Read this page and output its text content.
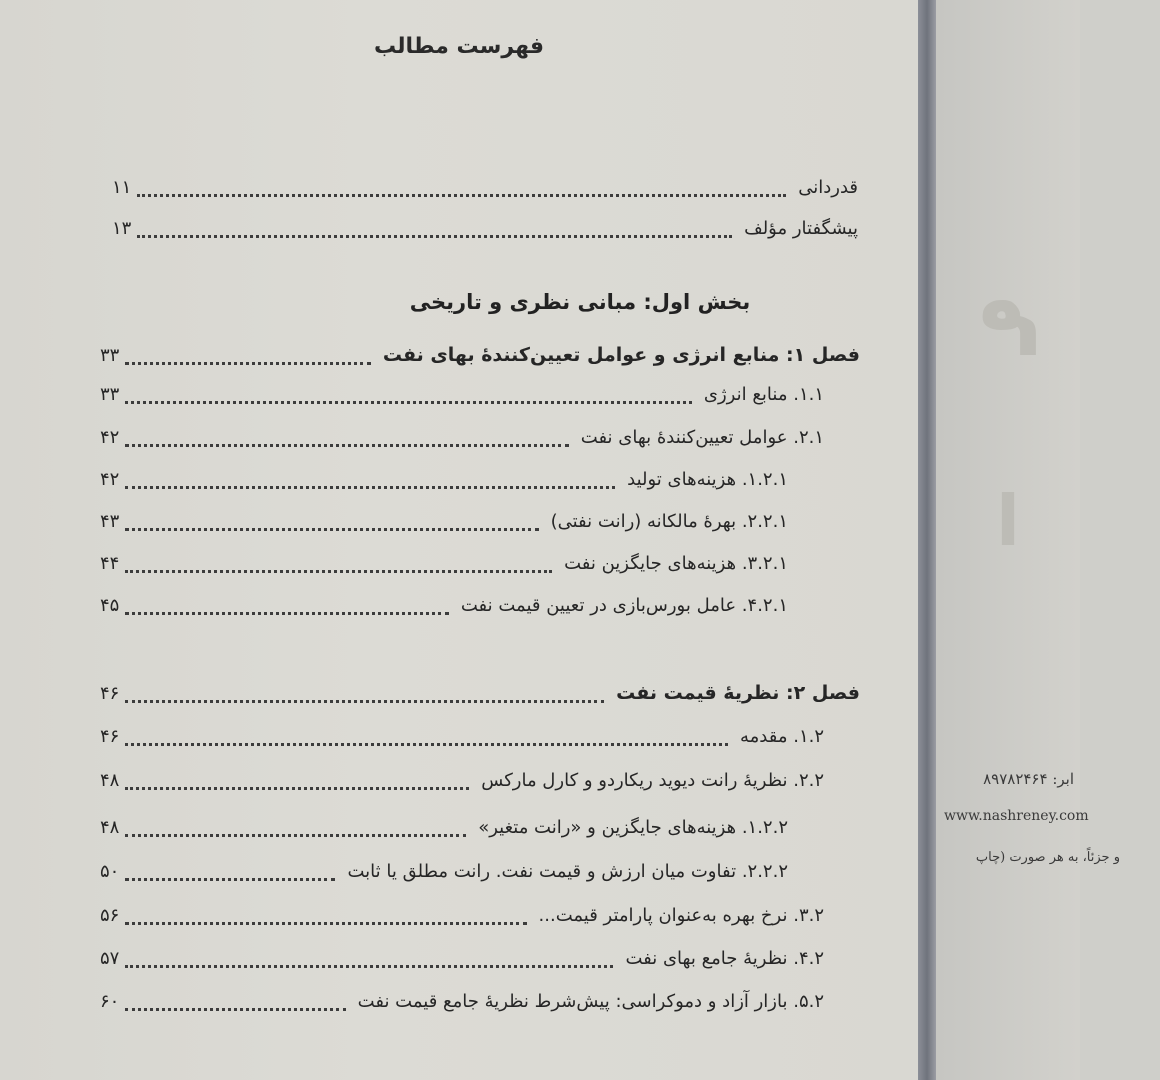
فهرست مطالب
قدردانی
۱۱
پیشگفتار مؤلف
۱۳
بخش اول: مبانی نظری و تاریخی
فصل ۱: منابع انرژی و عوامل تعیین‌کنندهٔ بهای نفت
۳۳
۱.۱. منابع انرژی
۳۳
۲.۱. عوامل تعیین‌کنندهٔ بهای نفت
۴۲
۱.۲.۱. هزینه‌های تولید
۴۲
۲.۲.۱. بهرهٔ مالکانه (رانت نفتی)
۴۳
۳.۲.۱. هزینه‌های جایگزین نفت
۴۴
۴.۲.۱. عامل بورس‌بازی در تعیین قیمت نفت
۴۵
فصل ۲: نظریهٔ قیمت نفت
۴۶
۱.۲. مقدمه
۴۶
۲.۲. نظریهٔ رانت دیوید ریکاردو و کارل مارکس
۴۸
۱.۲.۲. هزینه‌های جایگزین و «رانت متغیر»
۴۸
۲.۲.۲. تفاوت میان ارزش و قیمت نفت. رانت مطلق یا ثابت
۵۰
۳.۲. نرخ بهره به‌عنوان پارامتر قیمت...
۵۶
۴.۲. نظریهٔ جامع بهای نفت
۵۷
۵.۲. بازار آزاد و دموکراسی: پیش‌شرط نظریهٔ جامع قیمت نفت
۶۰
م
ا
ابر: ۸۹۷۸۲۴۶۴
www.nashreney.com
و جزئاً، به هر صورت (چاپ
